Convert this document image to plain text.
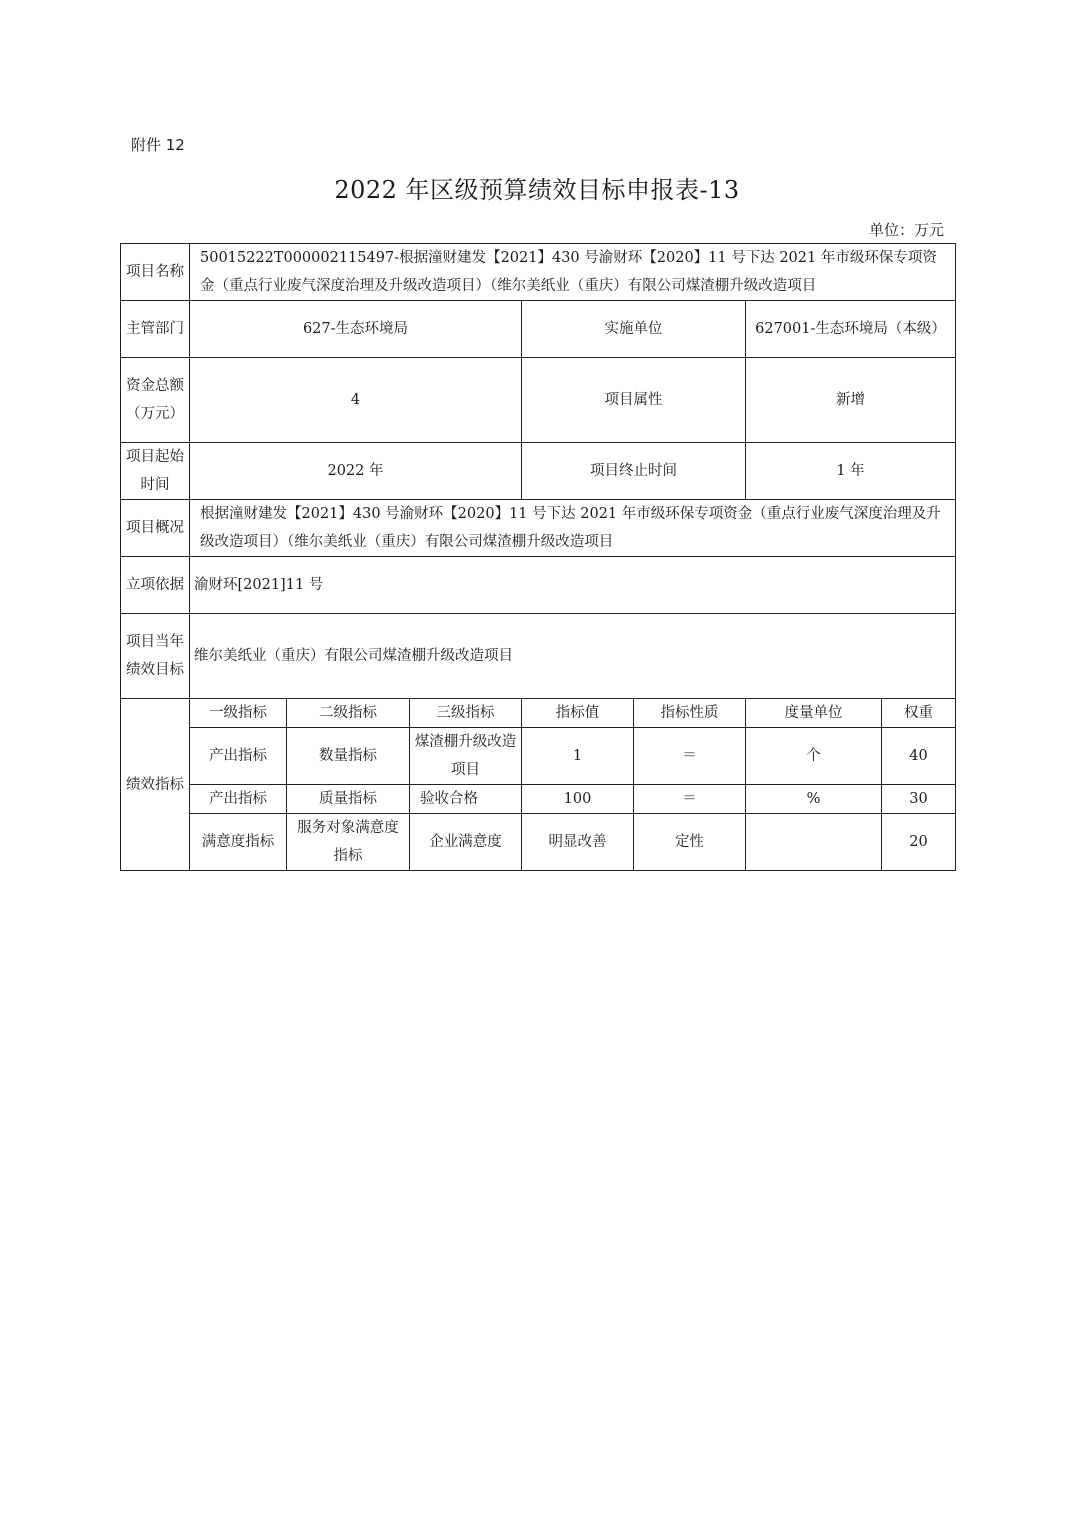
附件 12
2022 年区级预算绩效目标申报表-13
单位：万元
项目名称	50015222T000002115497-根据潼财建发【2021】430 号渝财环【2020】11 号下达 2021 年市级环保专项资金（重点行业废气深度治理及升级改造项目）（维尔美纸业（重庆）有限公司煤渣棚升级改造项目						
主管部门	627-生态环境局			实施单位		627001-生态环境局（本级）	
资金总额（万元）	4			项目属性		新增	
项目起始时间	2022 年			项目终止时间		1 年	
项目概况	根据潼财建发【2021】430 号渝财环【2020】11 号下达 2021 年市级环保专项资金（重点行业废气深度治理及升级改造项目）（维尔美纸业（重庆）有限公司煤渣棚升级改造项目						
立项依据	渝财环[2021]11 号						
项目当年绩效目标	维尔美纸业（重庆）有限公司煤渣棚升级改造项目						
绩效指标	一级指标	二级指标	三级指标	指标值	指标性质	度量单位	权重
	产出指标	数量指标	煤渣棚升级改造项目	1	＝	个	40
	产出指标	质量指标	验收合格	100	＝	%	30
	满意度指标	服务对象满意度指标	企业满意度	明显改善	定性		20
